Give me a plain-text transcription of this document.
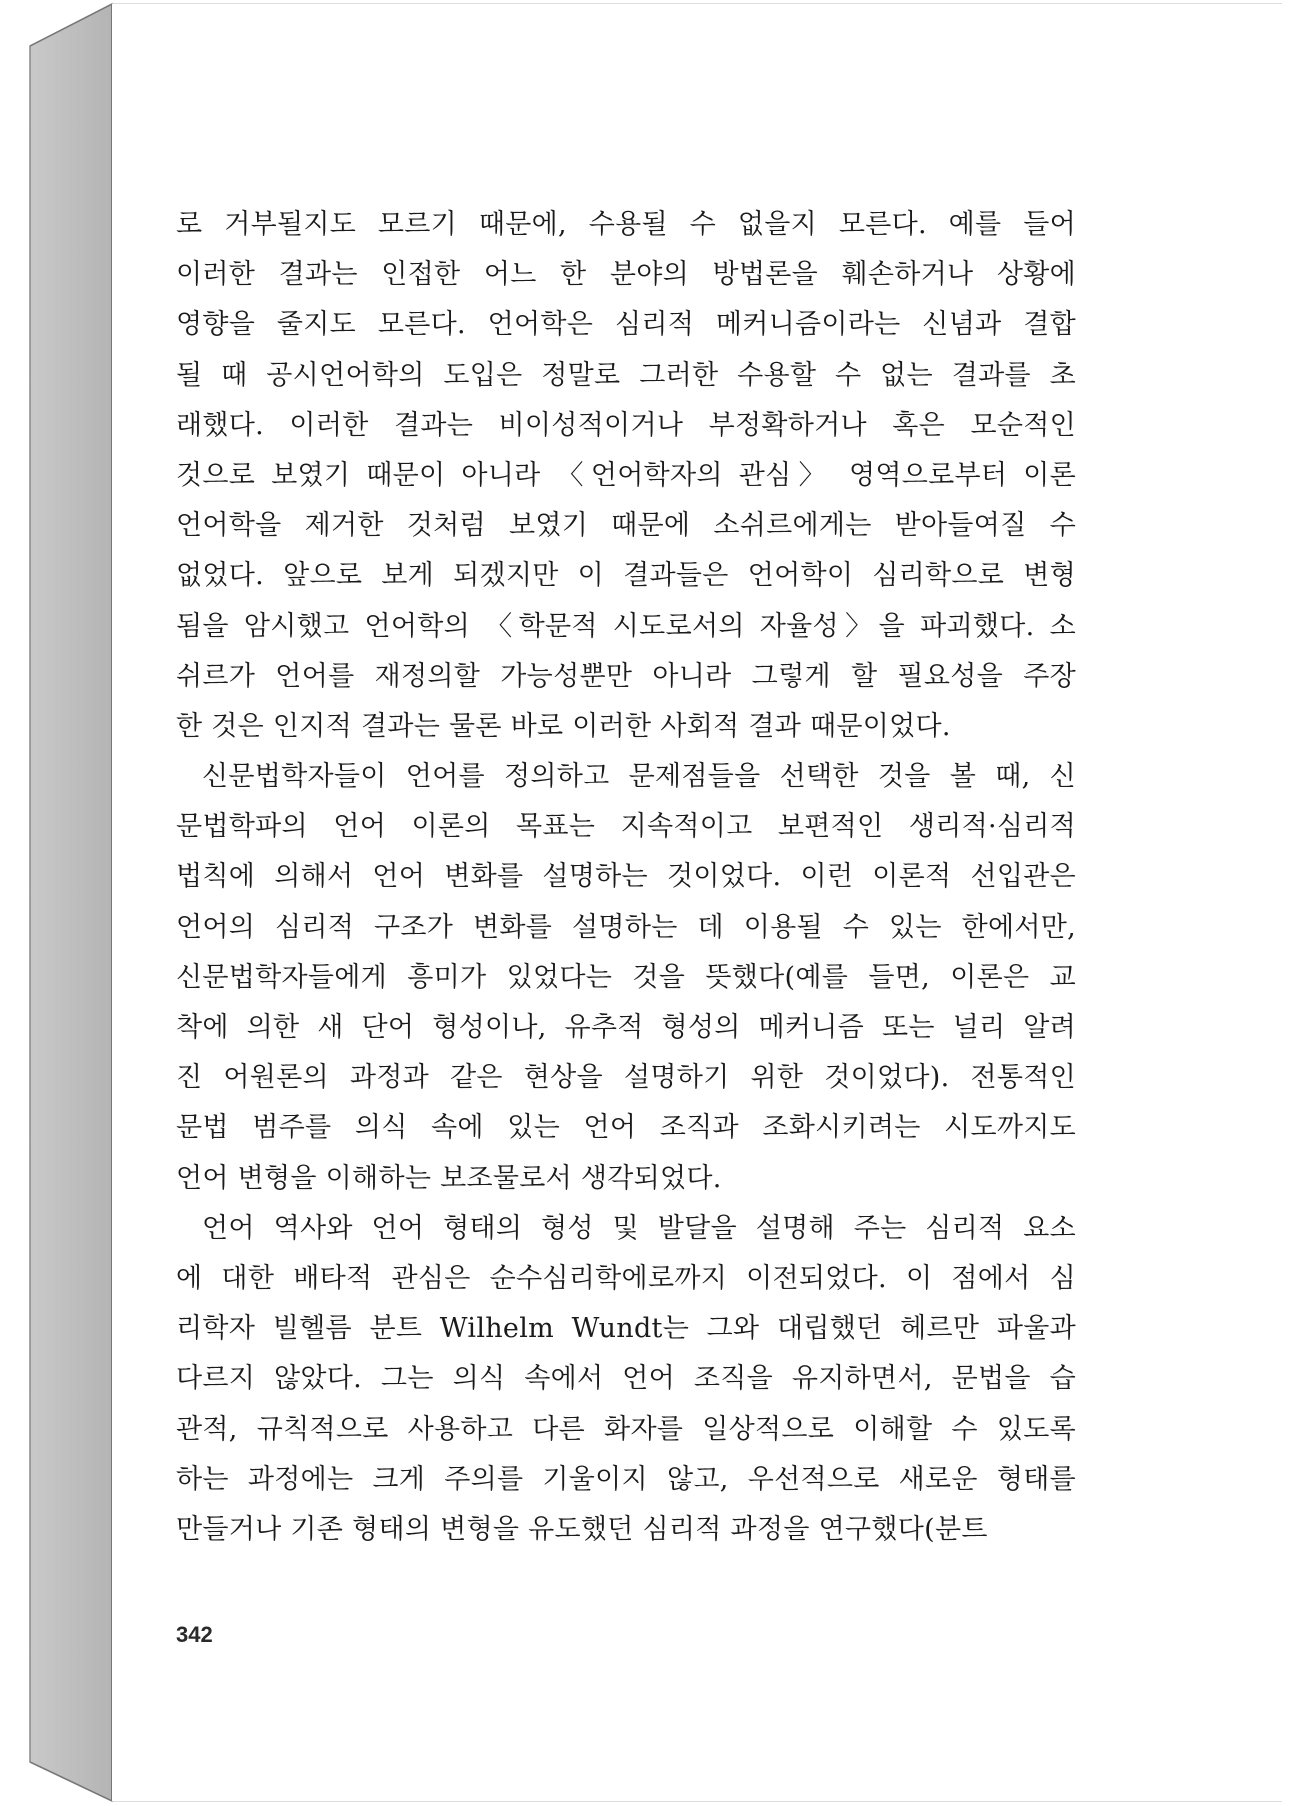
로 거부될지도 모르기 때문에, 수용될 수 없을지 모른다. 예를 들어
이러한 결과는 인접한 어느 한 분야의 방법론을 훼손하거나 상황에
영향을 줄지도 모른다. 언어학은 심리적 메커니즘이라는 신념과 결합
될 때 공시언어학의 도입은 정말로 그러한 수용할 수 없는 결과를 초
래했다. 이러한 결과는 비이성적이거나 부정확하거나 혹은 모순적인
것으로 보였기 때문이 아니라 〈언어학자의 관심〉 영역으로부터 이론
언어학을 제거한 것처럼 보였기 때문에 소쉬르에게는 받아들여질 수
없었다. 앞으로 보게 되겠지만 이 결과들은 언어학이 심리학으로 변형
됨을 암시했고 언어학의 〈학문적 시도로서의 자율성〉을 파괴했다. 소
쉬르가 언어를 재정의할 가능성뿐만 아니라 그렇게 할 필요성을 주장
한 것은 인지적 결과는 물론 바로 이러한 사회적 결과 때문이었다.
신문법학자들이 언어를 정의하고 문제점들을 선택한 것을 볼 때, 신
문법학파의 언어 이론의 목표는 지속적이고 보편적인 생리적·심리적
법칙에 의해서 언어 변화를 설명하는 것이었다. 이런 이론적 선입관은
언어의 심리적 구조가 변화를 설명하는 데 이용될 수 있는 한에서만,
신문법학자들에게 흥미가 있었다는 것을 뜻했다(예를 들면, 이론은 교
착에 의한 새 단어 형성이나, 유추적 형성의 메커니즘 또는 널리 알려
진 어원론의 과정과 같은 현상을 설명하기 위한 것이었다). 전통적인
문법 범주를 의식 속에 있는 언어 조직과 조화시키려는 시도까지도
언어 변형을 이해하는 보조물로서 생각되었다.
언어 역사와 언어 형태의 형성 및 발달을 설명해 주는 심리적 요소
에 대한 배타적 관심은 순수심리학에로까지 이전되었다. 이 점에서 심
리학자 빌헬름 분트 Wilhelm Wundt는 그와 대립했던 헤르만 파울과
다르지 않았다. 그는 의식 속에서 언어 조직을 유지하면서, 문법을 습
관적, 규칙적으로 사용하고 다른 화자를 일상적으로 이해할 수 있도록
하는 과정에는 크게 주의를 기울이지 않고, 우선적으로 새로운 형태를
만들거나 기존 형태의 변형을 유도했던 심리적 과정을 연구했다(분트
342
